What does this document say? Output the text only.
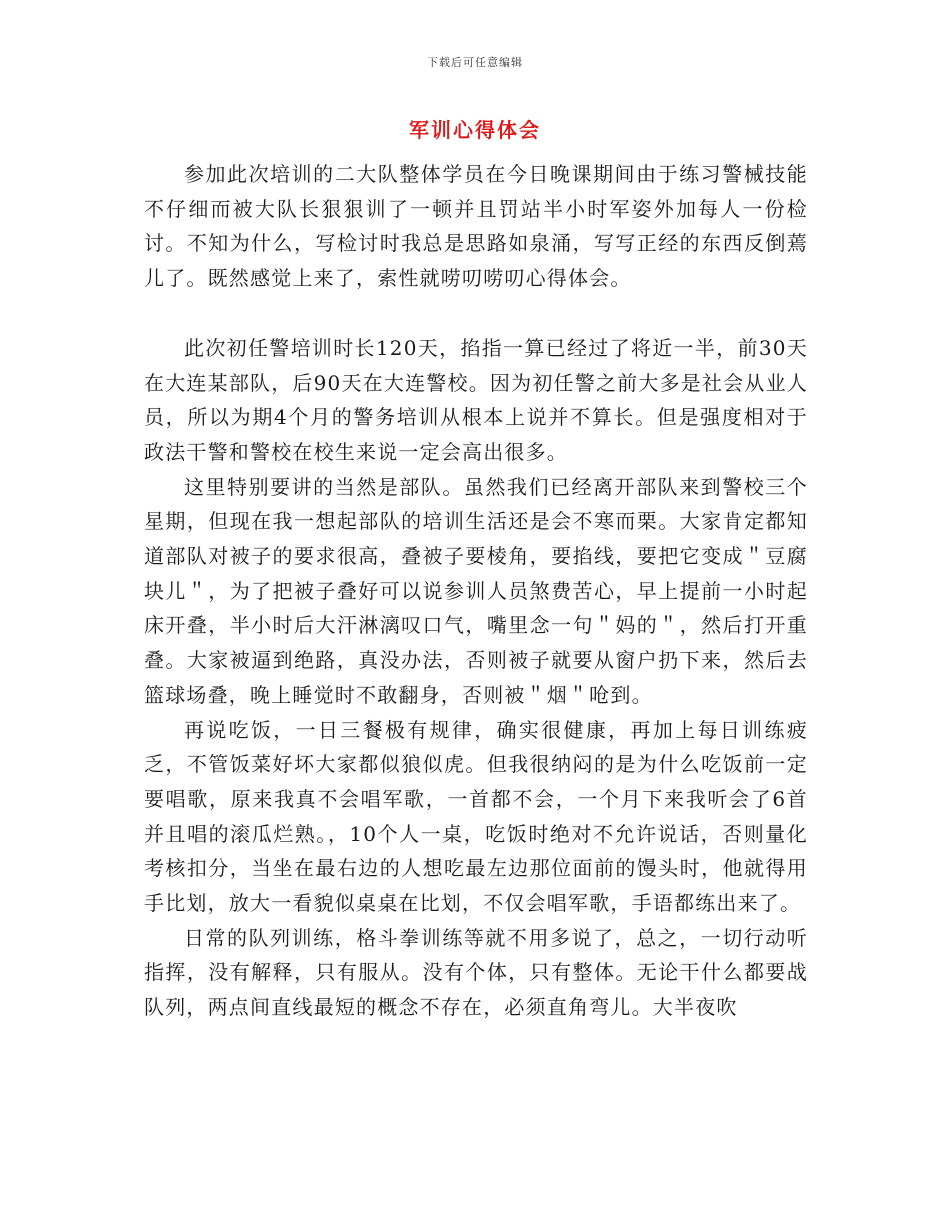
下载后可任意编辑
军训心得体会

参加此次培训的二大队整体学员在今日晚课期间由于练习警械技能不仔细而被大队长狠狠训了一顿并且罚站半小时军姿外加每人一份检讨。不知为什么，写检讨时我总是思路如泉涌，写写正经的东西反倒蔫儿了。既然感觉上来了，索性就唠叨唠叨心得体会。

此次初任警培训时长120天，掐指一算已经过了将近一半，前30天在大连某部队，后90天在大连警校。因为初任警之前大多是社会从业人员，所以为期4个月的警务培训从根本上说并不算长。但是强度相对于政法干警和警校在校生来说一定会高出很多。

这里特别要讲的当然是部队。虽然我们已经离开部队来到警校三个星期，但现在我一想起部队的培训生活还是会不寒而栗。大家肯定都知道部队对被子的要求很高，叠被子要棱角，要掐线，要把它变成＂豆腐块儿＂，为了把被子叠好可以说参训人员煞费苦心，早上提前一小时起床开叠，半小时后大汗淋漓叹口气，嘴里念一句＂妈的＂，然后打开重叠。大家被逼到绝路，真没办法，否则被子就要从窗户扔下来，然后去篮球场叠，晚上睡觉时不敢翻身，否则被＂烟＂呛到。

再说吃饭，一日三餐极有规律，确实很健康，再加上每日训练疲乏，不管饭菜好坏大家都似狼似虎。但我很纳闷的是为什么吃饭前一定要唱歌，原来我真不会唱军歌，一首都不会，一个月下来我听会了6首并且唱的滚瓜烂熟。，10个人一桌，吃饭时绝对不允许说话，否则量化考核扣分，当坐在最右边的人想吃最左边那位面前的馒头时，他就得用手比划，放大一看貌似桌桌在比划，不仅会唱军歌，手语都练出来了。

日常的队列训练，格斗拳训练等就不用多说了，总之，一切行动听指挥，没有解释，只有服从。没有个体，只有整体。无论干什么都要战队列，两点间直线最短的概念不存在，必须直角弯儿。大半夜吹
